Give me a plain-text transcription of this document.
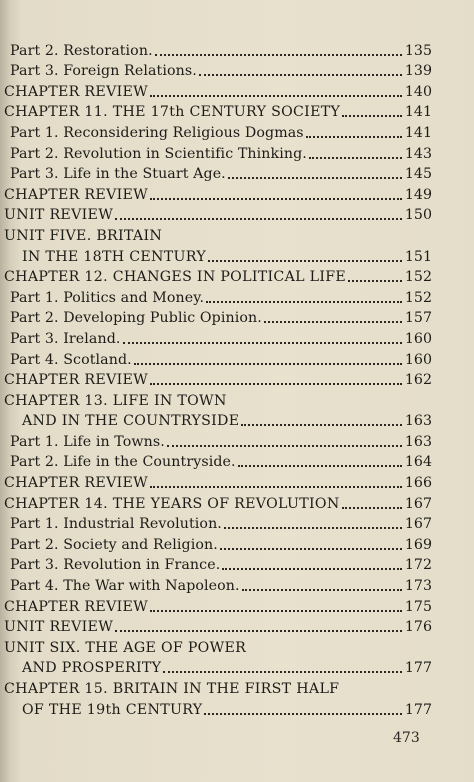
Part 2. Restoration.	135
Part 3. Foreign Relations.	139
CHAPTER REVIEW	140
CHAPTER 11. THE 17th CENTURY SOCIETY	141
Part 1. Reconsidering Religious Dogmas	141
Part 2. Revolution in Scientific Thinking.	143
Part 3. Life in the Stuart Age.	145
CHAPTER REVIEW	149
UNIT REVIEW	150
UNIT FIVE. BRITAIN
IN THE 18TH CENTURY	151
CHAPTER 12. CHANGES IN POLITICAL LIFE	152
Part 1. Politics and Money.	152
Part 2. Developing Public Opinion.	157
Part 3. Ireland.	160
Part 4. Scotland.	160
CHAPTER REVIEW	162
CHAPTER 13. LIFE IN TOWN
AND IN THE COUNTRYSIDE	163
Part 1. Life in Towns.	163
Part 2. Life in the Countryside.	164
CHAPTER REVIEW	166
CHAPTER 14. THE YEARS OF REVOLUTION	167
Part 1. Industrial Revolution.	167
Part 2. Society and Religion.	169
Part 3. Revolution in France.	172
Part 4. The War with Napoleon.	173
CHAPTER REVIEW	175
UNIT REVIEW	176
UNIT SIX. THE AGE OF POWER
AND PROSPERITY	177
CHAPTER 15. BRITAIN IN THE FIRST HALF
OF THE 19th CENTURY	177
473
